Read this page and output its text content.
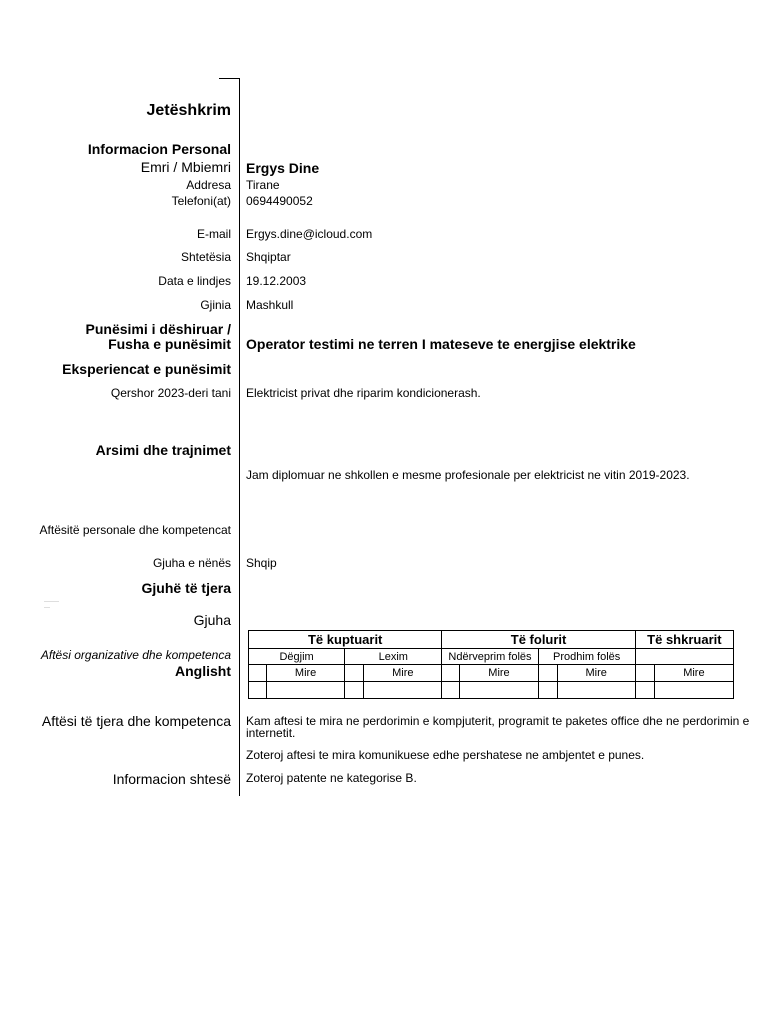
Jetëshkrim
Informacion Personal
Emri / Mbiemri Ergys Dine
Addresa Tirane
Telefoni(at) 0694490052
E-mail Ergys.dine@icloud.com
Shtetësia Shqiptar
Data e lindjes 19.12.2003
Gjinia Mashkull
Punësimi i dëshiruar /
Fusha e punësimit Operator testimi ne terren I mateseve te energjise elektrike
Eksperiencat e punësimit
Qershor 2023-deri tani Elektricist privat dhe riparim kondicionerash.
Arsimi dhe trajnimet
Jam diplomuar ne shkollen e mesme profesionale per elektricist ne vitin 2019-2023.
Aftësitë personale dhe kompetencat
Gjuha e nënës Shqip
Gjuhë të tjera
—————
——
Gjuha
Aftësi organizative dhe kompetenca
Anglisht
Të kuptuarit				Të folurit				Të shkruarit	
Dëgjim		Lexim		Ndërveprim folës		Prodhim folës			
	Mire		Mire		Mire		Mire		Mire

Aftësi të tjera dhe kompetenca Kam aftesi te mira ne perdorimin e kompjuterit, programit te paketes office dhe ne perdorimin e
internetit.
Zoteroj aftesi te mira komunikuese edhe pershatese ne ambjentet e punes.
Informacion shtesë Zoteroj patente ne kategorise B.
